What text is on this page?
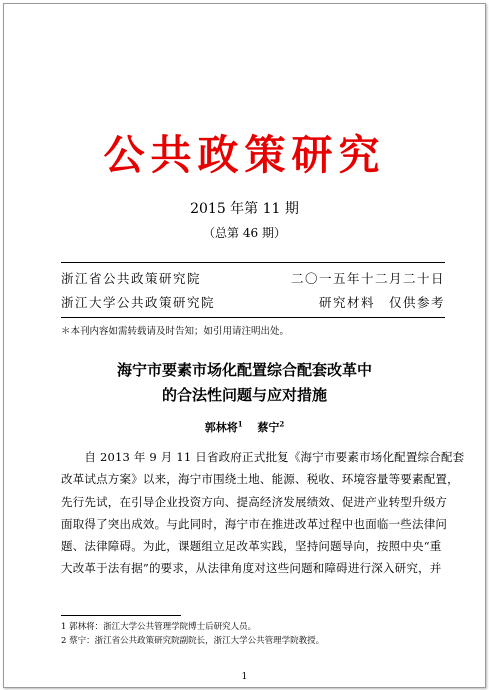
公共政策研究
2015 年第 11 期
（总第 46 期）
浙江省公共政策研究院	二〇一五年十二月二十日
浙江大学公共政策研究院	研究材料　仅供参考
＊本刊内容如需转载请及时告知；如引用请注明出处。
海宁市要素市场化配置综合配套改革中
的合法性问题与应对措施
郭林将$^1$   蔡宁$^2$
　　自 2013 年 9 月 11 日省政府正式批复《海宁市要素市场化配置综合配套
改革试点方案》以来，海宁市围绕土地、能源、税收、环境容量等要素配置，
先行先试，在引导企业投资方向、提高经济发展绩效、促进产业转型升级方
面取得了突出成效。与此同时，海宁市在推进改革过程中也面临一些法律问
题、法律障碍。为此，课题组立足改革实践，坚持问题导向，按照中央“重
大改革于法有据”的要求，从法律角度对这些问题和障碍进行深入研究，并
1 郭林将：浙江大学公共管理学院博士后研究人员。
2 蔡宁：浙江省公共政策研究院副院长，浙江大学公共管理学院教授。
1
